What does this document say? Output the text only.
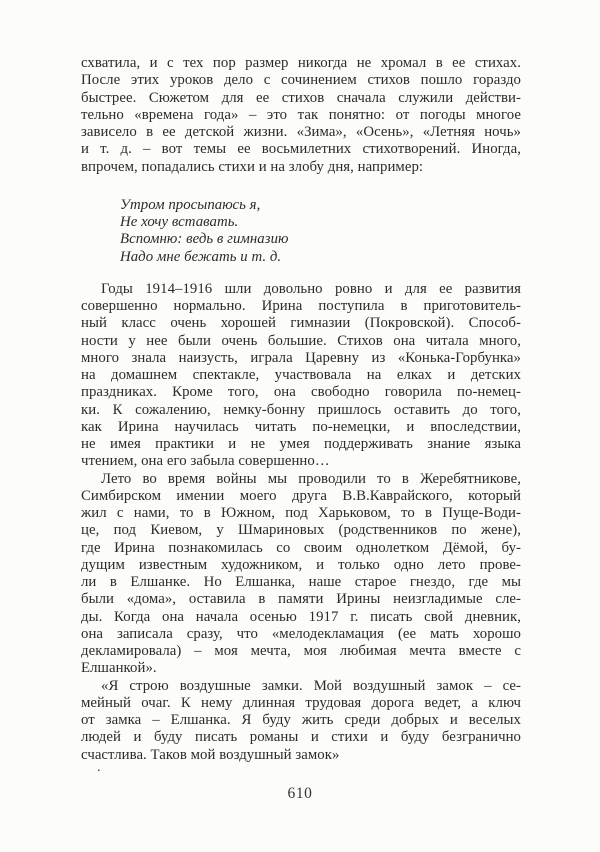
схватила, и с тех пор размер никогда не хромал в ее стихах.
После этих уроков дело с сочинением стихов пошло гораздо
быстрее. Сюжетом для ее стихов сначала служили действи-
тельно «времена года» – это так понятно: от погоды многое
зависело в ее детской жизни. «Зима», «Осень», «Летняя ночь»
и т. д. – вот темы ее восьмилетних стихотворений. Иногда,
впрочем, попадались стихи и на злобу дня, например:
Утром просыпаюсь я,
Не хочу вставать.
Вспомню: ведь в гимназию
Надо мне бежать и т. д.
Годы 1914–1916 шли довольно ровно и для ее развития
совершенно нормально. Ирина поступила в приготовитель-
ный класс очень хорошей гимназии (Покровской). Способ-
ности у нее были очень большие. Стихов она читала много,
много знала наизусть, играла Царевну из «Конька-Горбунка»
на домашнем спектакле, участвовала на елках и детских
праздниках. Кроме того, она свободно говорила по-немец-
ки. К сожалению, немку-бонну пришлось оставить до того,
как Ирина научилась читать по-немецки, и впоследствии,
не имея практики и не умея поддерживать знание языка
чтением, она его забыла совершенно…
Лето во время войны мы проводили то в Жеребятникове,
Симбирском имении моего друга В.В.Каврайского, который
жил с нами, то в Южном, под Харьковом, то в Пуще-Води-
це, под Киевом, у Шмариновых (родственников по жене),
где Ирина познакомилась со своим однолетком Дёмой, бу-
дущим известным художником, и только одно лето прове-
ли в Елшанке. Но Елшанка, наше старое гнездо, где мы
были «дома», оставила в памяти Ирины неизгладимые сле-
ды. Когда она начала осенью 1917 г. писать свой дневник,
она записала сразу, что «мелодекламация (ее мать хорошо
декламировала) – моя мечта, моя любимая мечта вместе с
Елшанкой».
«Я строю воздушные замки. Мой воздушный замок – се-
мейный очаг. К нему длинная трудовая дорога ведет, а ключ
от замка – Елшанка. Я буду жить среди добрых и веселых
людей и буду писать романы и стихи и буду безгранично
счастлива. Таков мой воздушный замок»
.
610
